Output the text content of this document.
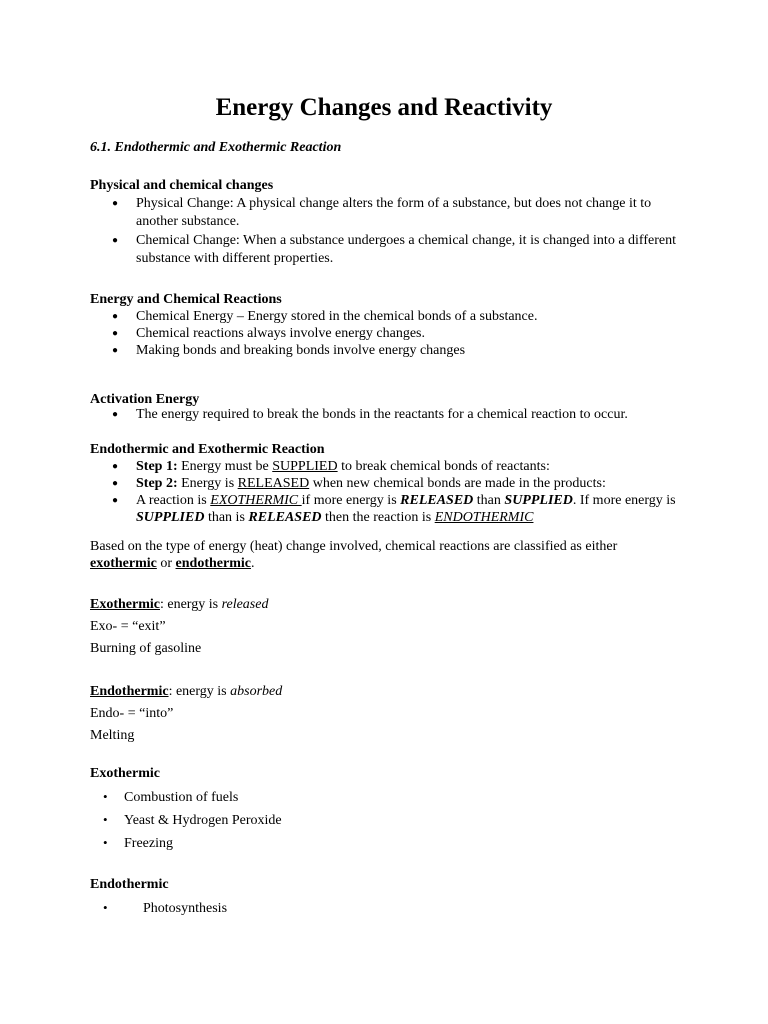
Energy Changes and Reactivity
6.1. Endothermic and Exothermic Reaction
Physical and chemical changes
● Physical Change: A physical change alters the form of a substance, but does not change it to another substance.
● Chemical Change: When a substance undergoes a chemical change, it is changed into a different substance with different properties.
Energy and Chemical Reactions
● Chemical Energy – Energy stored in the chemical bonds of a substance.
● Chemical reactions always involve energy changes.
● Making bonds and breaking bonds involve energy changes
Activation Energy
● The energy required to break the bonds in the reactants for a chemical reaction to occur.
Endothermic and Exothermic Reaction
● Step 1: Energy must be SUPPLIED to break chemical bonds of reactants:
● Step 2: Energy is RELEASED when new chemical bonds are made in the products:
● A reaction is EXOTHERMIC if more energy is RELEASED than SUPPLIED. If more energy is SUPPLIED than is RELEASED then the reaction is ENDOTHERMIC
Based on the type of energy (heat) change involved, chemical reactions are classified as either
exothermic or endothermic.
Exothermic: energy is released
Exo- = “exit”
Burning of gasoline
Endothermic: energy is absorbed
Endo- = “into”
Melting
Exothermic
• Combustion of fuels
• Yeast & Hydrogen Peroxide
• Freezing
Endothermic
•	Photosynthesis
